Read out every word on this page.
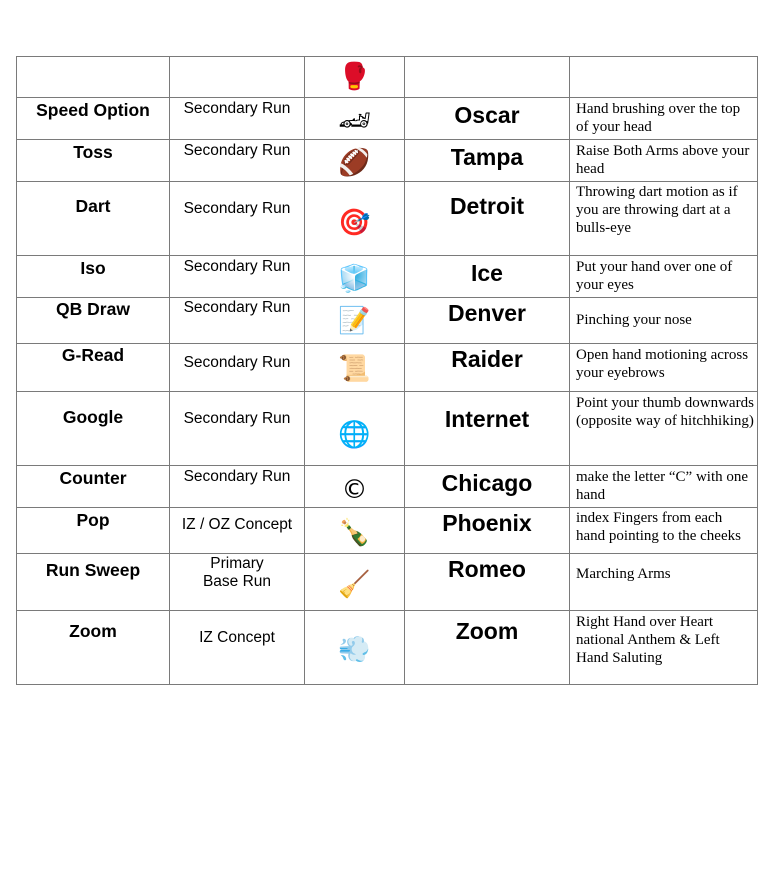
		🥊		
Speed Option	Secondary Run	🏎	Oscar	Hand brushing over the top of your head
Toss	Secondary Run	🏈	Tampa	Raise Both Arms above your head
Dart	Secondary Run	🎯	Detroit	Throwing dart motion as if you are throwing dart at a bulls-eye
Iso	Secondary Run	🧊	Ice	Put your hand over one of your eyes
QB Draw	Secondary Run	📝	Denver	Pinching your nose
G-Read	Secondary Run	📜	Raider	Open hand motioning across your eyebrows
Google	Secondary Run	🌐	Internet	Point your thumb downwards (opposite way of hitchhiking)
Counter	Secondary Run	©	Chicago	make the letter “C” with one hand
Pop	IZ / OZ Concept	🍾	Phoenix	index Fingers from each hand pointing to the cheeks
Run Sweep	Primary Base Run	🧹	Romeo	Marching Arms
Zoom	IZ Concept	💨	Zoom	Right Hand over Heart national Anthem & Left Hand Saluting
